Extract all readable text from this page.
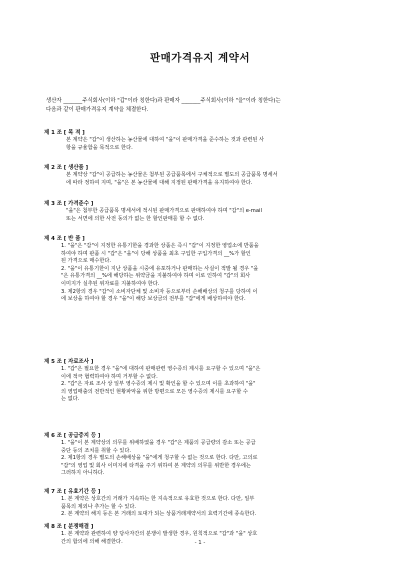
판매가격유지 계약서
생산자 _______주식회사(이하 "갑"이라 칭한다)과 판매자 _______주식회사(이하 "을"이라 칭한다)는
다음과 같이 판매가격유지 계약을 체결한다.
제 1 조 [ 목 적 ]
본 계약은 "갑"이 생산하는 농산물에 대하여 "을"이 판매가격을 준수하는 것과 관련된 사
항을 규율함을 목적으로 한다.
제 2 조 [ 생산품 ]
본 계약상 "갑"이 공급하는 농산물은 첨부된 공급품목에서 구체적으로 별도의 공급품목 명세서
에 따라 정하여 지며, "을"은 본 농산물에 대해 지정된 판매가격을 유지하여야 한다.
제 3 조 [ 가격준수 ]
"을"은 첨부한 공급품목 명세서에 적시된 판매가격으로 판매하여야 하며 "갑"의 e-mail
또는 서면에 의한 사전 동의가 없는 한 할인판매를 할 수 없다.
제 4 조 [ 반 품 ]
1. "을"은 "갑"이 지정한 유통기한을 경과한 상품은 즉시 "갑"이 지정한 영업소에 반품을
하여야 하며 판품 시 "갑"은 "을"이 당해 상품을 최초 구입한 구입가격의 __%가 할인
된 가격으로 매수한다.
2. "을"이 유통기한이 지난 상품을 시중에 유포하거나 판매하는 사실이 적발 될 경우 "을
"은 유통가격의 __%에 해당하는 위약금을 지불하여야 하며 이로 인하여 "갑"의 회사
이미지가 실추된 위자료를 지불하여야 한다.
3. 제2항의 경우 "갑"이 소비자단체 및 소비자 등으로부터 손해배상의 청구를 당하여 이
에 보상을 하여야 할 경우 "을"이 해당 보상금의 전부를 "갑"에게 배상하여야 한다.
제 5 조 [ 자료조사 ]
1. "갑"은 필요한 경우 "을"에 대하여 판매관련 영수증의 제시를 요구할 수 있으며 "을"은
이에 적극 협력하여야 하며 거부할 수 없다.
2. "갑"은 자료 조사 상 일부 영수증의 제시 및 확인을 할 수 있으며 이를 초과하여 "을"
의 영업매출의 전반적인 현황파악을 위한 방편으로 모든 영수증의 제시를 요구할 수
는 없다.
제 6 조 [ 공급중지 등 ]
1. "을"이 본 계약상의 의무를 위배하였을 경우 "갑"은 제품의 공급량의 감소 또는 공급
중단 등의 조치를 취할 수 있다.
2. 제1항의 경우 별도의 손해배상을 "을"에게 청구할 수 없는 것으로 한다. 다만, 고의로
"갑"의 영업 및 회사 이미지에 타격을 주기 위하여 본 계약의 의무를 위반한 경우에는
그러하지 아니하다.
제 7 조 [ 유효기간 등 ]
1. 본 계약은 상호간의 거래가 지속하는 한 지속적으로 유효한 것으로 한다. 다만, 일부
품목의 제외나 추가는 할 수 있다.
2. 본 계약의 해지 등은 본 거래의 토대가 되는 상품거래계약서의 효력기간에 종속한다.
제 8 조 [ 분쟁해결 ]
1. 본 계약과 관련하여 양 당사자간의 분쟁이 발생한 경우, 원칙적으로 "갑"과 "을" 상호
간의 합의에 의해 해결한다.	- 1 -
